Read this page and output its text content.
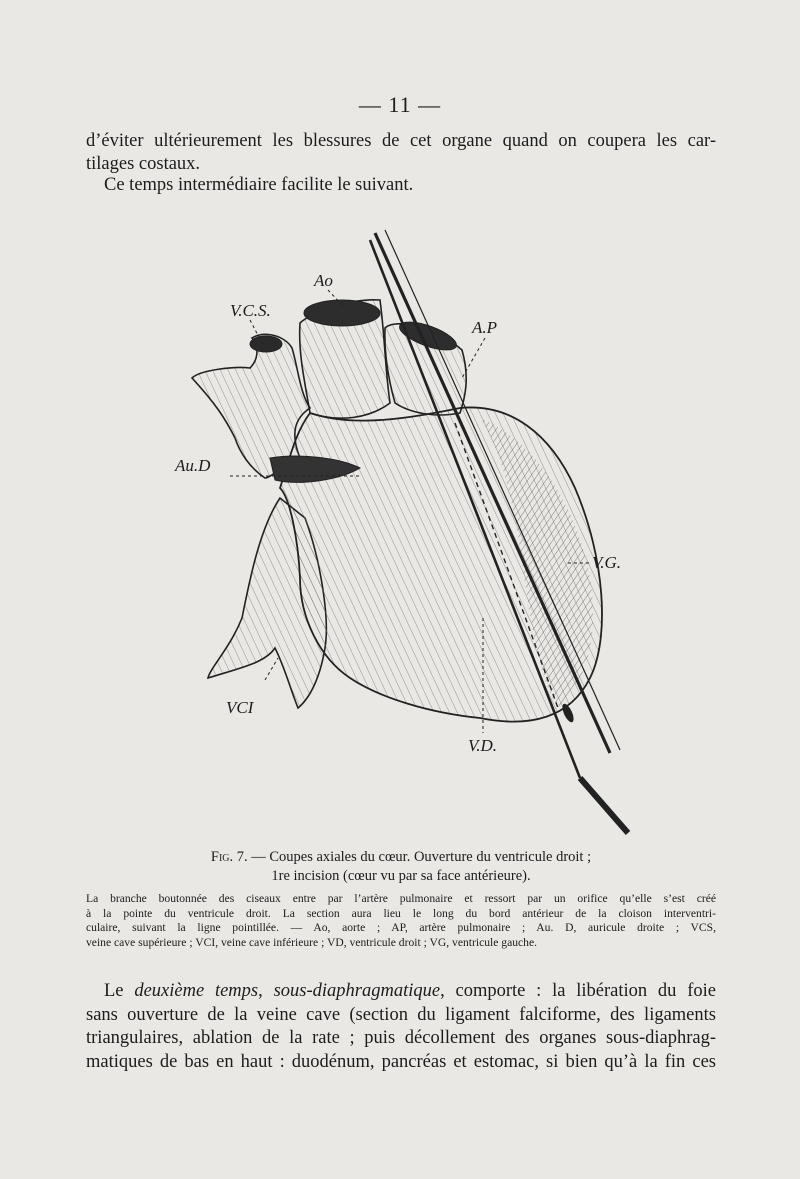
— 11 —
d’éviter ultérieurement les blessures de cet organe quand on coupera les car-
tilages costaux.
Ce temps intermédiaire facilite le suivant.
V.C.S.
Ao
A.P
Au.D
V.G.
VCI
V.D.
Fig. 7. — Coupes axiales du cœur. Ouverture du ventricule droit ;
1re incision (cœur vu par sa face antérieure).
La branche boutonnée des ciseaux entre par l’artère pulmonaire et ressort par un orifice qu’elle s’est créé
à la pointe du ventricule droit. La section aura lieu le long du bord antérieur de la cloison interventri-
culaire, suivant la ligne pointillée. — Ao, aorte ; AP, artère pulmonaire ; Au. D, auricule droite ; VCS,
veine cave supérieure ; VCI, veine cave inférieure ; VD, ventricule droit ; VG, ventricule gauche.
Le deuxième temps, sous-diaphragmatique, comporte : la libération du foie
sans ouverture de la veine cave (section du ligament falciforme, des ligaments
triangulaires, ablation de la rate ; puis décollement des organes sous-diaphrag-
matiques de bas en haut : duodénum, pancréas et estomac, si bien qu’à la fin ces
